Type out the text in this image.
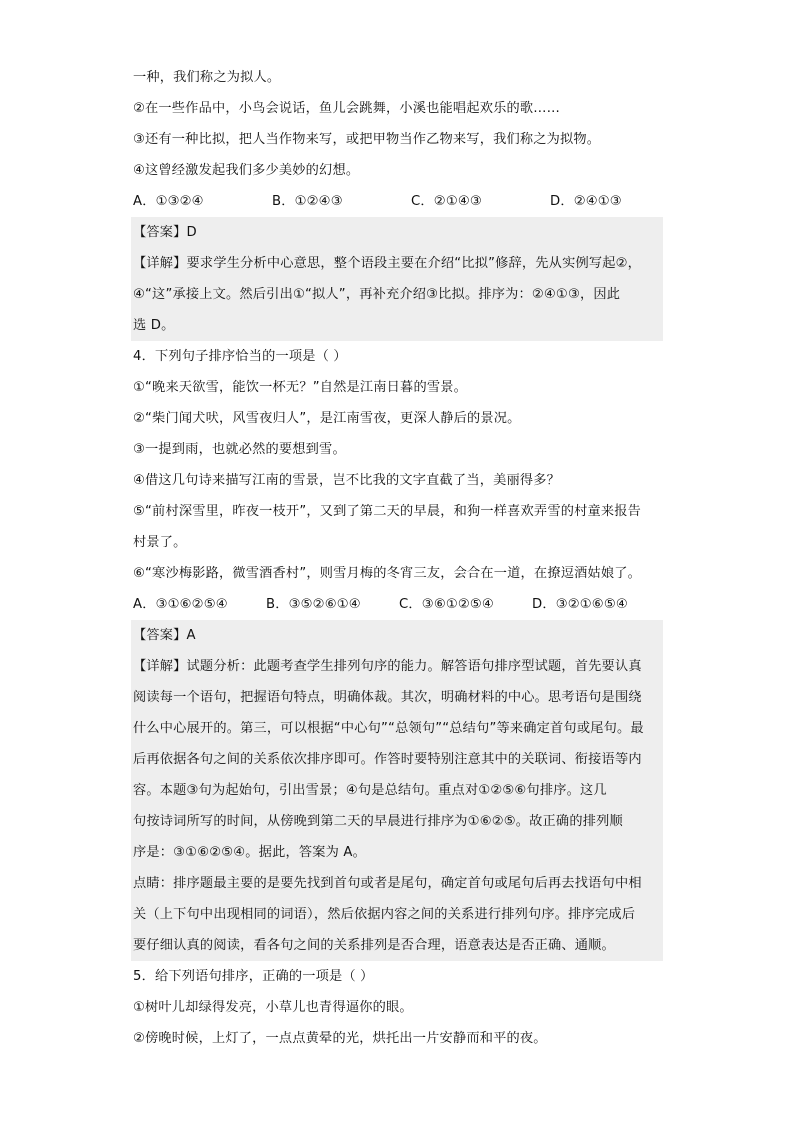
一种，我们称之为拟人。
②在一些作品中，小鸟会说话，鱼儿会跳舞，小溪也能唱起欢乐的歌……
③还有一种比拟，把人当作物来写，或把甲物当作乙物来写，我们称之为拟物。
④这曾经激发起我们多少美妙的幻想。
A．①③②④	B．①②④③	C．②①④③	D．②④①③
【答案】D
【详解】要求学生分析中心意思，整个语段主要在介绍“比拟”修辞，先从实例写起②，
④“这”承接上文。然后引出①“拟人”，再补充介绍③比拟。排序为：②④①③，因此
选 D。
4．下列句子排序恰当的一项是（ ）
①“晚来天欲雪，能饮一杯无？”自然是江南日暮的雪景。
②“柴门闻犬吠，风雪夜归人”，是江南雪夜，更深人静后的景况。
③一提到雨，也就必然的要想到雪。
④借这几句诗来描写江南的雪景，岂不比我的文字直截了当，美丽得多？
⑤“前村深雪里，昨夜一枝开”，又到了第二天的早晨，和狗一样喜欢弄雪的村童来报告
村景了。
⑥“寒沙梅影路，微雪酒香村”，则雪月梅的冬宵三友，会合在一道，在撩逗酒姑娘了。
A．③①⑥②⑤④	B．③⑤②⑥①④	C．③⑥①②⑤④	D．③②①⑥⑤④
【答案】A
【详解】试题分析：此题考查学生排列句序的能力。解答语句排序型试题，首先要认真
阅读每一个语句，把握语句特点，明确体裁。其次，明确材料的中心。思考语句是围绕
什么中心展开的。第三，可以根据“中心句”“总领句”“总结句”等来确定首句或尾句。最
后再依据各句之间的关系依次排序即可。作答时要特别注意其中的关联词、衔接语等内
容。本题③句为起始句，引出雪景；④句是总结句。重点对①②⑤⑥句排序。这几
句按诗词所写的时间，从傍晚到第二天的早晨进行排序为①⑥②⑤。故正确的排列顺
序是：③①⑥②⑤④。据此，答案为 A。
点睛：排序题最主要的是要先找到首句或者是尾句，确定首句或尾句后再去找语句中相
关（上下句中出现相同的词语），然后依据内容之间的关系进行排列句序。排序完成后
要仔细认真的阅读，看各句之间的关系排列是否合理，语意表达是否正确、通顺。
5．给下列语句排序，正确的一项是（ ）
①树叶儿却绿得发亮，小草儿也青得逼你的眼。
②傍晚时候，上灯了，一点点黄晕的光，烘托出一片安静而和平的夜。
